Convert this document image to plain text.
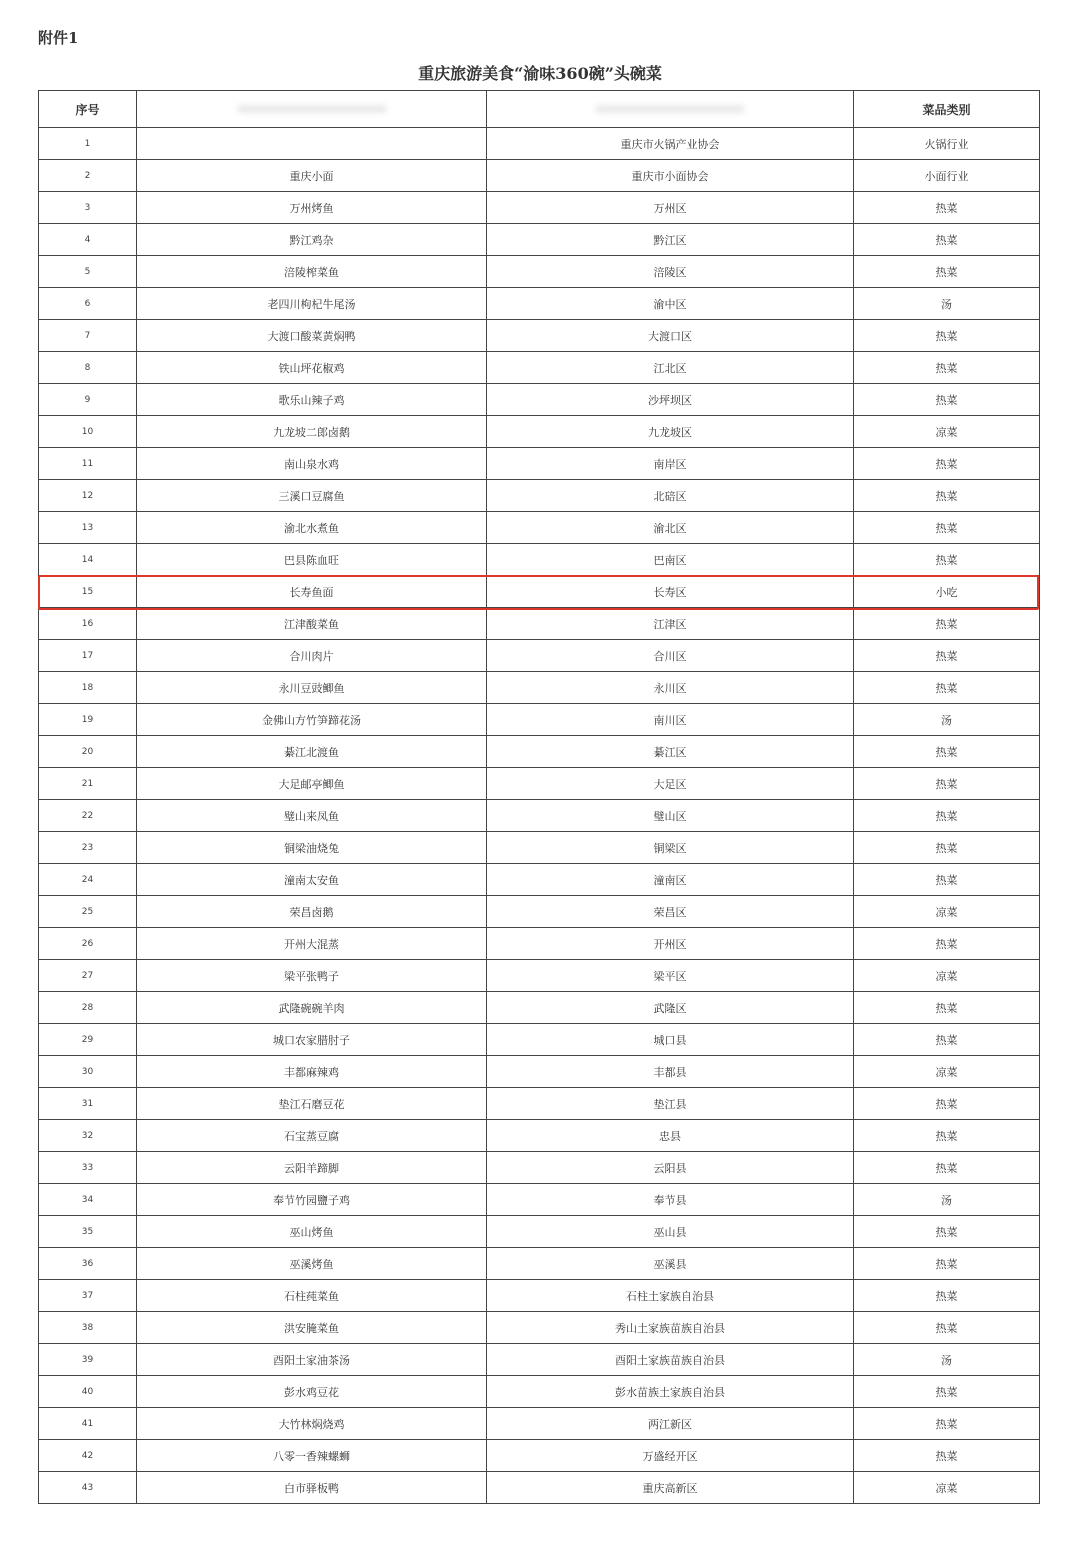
附件1
重庆旅游美食“渝味360碗”头碗菜
序号			菜品类别
1		重庆市火锅产业协会	火锅行业
2	重庆小面	重庆市小面协会	小面行业
3	万州烤鱼	万州区	热菜
4	黔江鸡杂	黔江区	热菜
5	涪陵榨菜鱼	涪陵区	热菜
6	老四川枸杞牛尾汤	渝中区	汤
7	大渡口酸菜黄焖鸭	大渡口区	热菜
8	铁山坪花椒鸡	江北区	热菜
9	歌乐山辣子鸡	沙坪坝区	热菜
10	九龙坡二郎卤鹅	九龙坡区	凉菜
11	南山泉水鸡	南岸区	热菜
12	三溪口豆腐鱼	北碚区	热菜
13	渝北水煮鱼	渝北区	热菜
14	巴县陈血旺	巴南区	热菜
15	长寿鱼面	长寿区	小吃
16	江津酸菜鱼	江津区	热菜
17	合川肉片	合川区	热菜
18	永川豆豉鲫鱼	永川区	热菜
19	金佛山方竹笋蹄花汤	南川区	汤
20	綦江北渡鱼	綦江区	热菜
21	大足邮亭鲫鱼	大足区	热菜
22	璧山来凤鱼	璧山区	热菜
23	铜梁油烧兔	铜梁区	热菜
24	潼南太安鱼	潼南区	热菜
25	荣昌卤鹅	荣昌区	凉菜
26	开州大混蒸	开州区	热菜
27	梁平张鸭子	梁平区	凉菜
28	武隆碗碗羊肉	武隆区	热菜
29	城口农家腊肘子	城口县	热菜
30	丰都麻辣鸡	丰都县	凉菜
31	垫江石磨豆花	垫江县	热菜
32	石宝蒸豆腐	忠县	热菜
33	云阳羊蹄脚	云阳县	热菜
34	奉节竹园鹽子鸡	奉节县	汤
35	巫山烤鱼	巫山县	热菜
36	巫溪烤鱼	巫溪县	热菜
37	石柱莼菜鱼	石柱土家族自治县	热菜
38	洪安腌菜鱼	秀山土家族苗族自治县	热菜
39	酉阳土家油茶汤	酉阳土家族苗族自治县	汤
40	彭水鸡豆花	彭水苗族土家族自治县	热菜
41	大竹林焖烧鸡	两江新区	热菜
42	八零一香辣螺蛳	万盛经开区	热菜
43	白市驿板鸭	重庆高新区	凉菜
